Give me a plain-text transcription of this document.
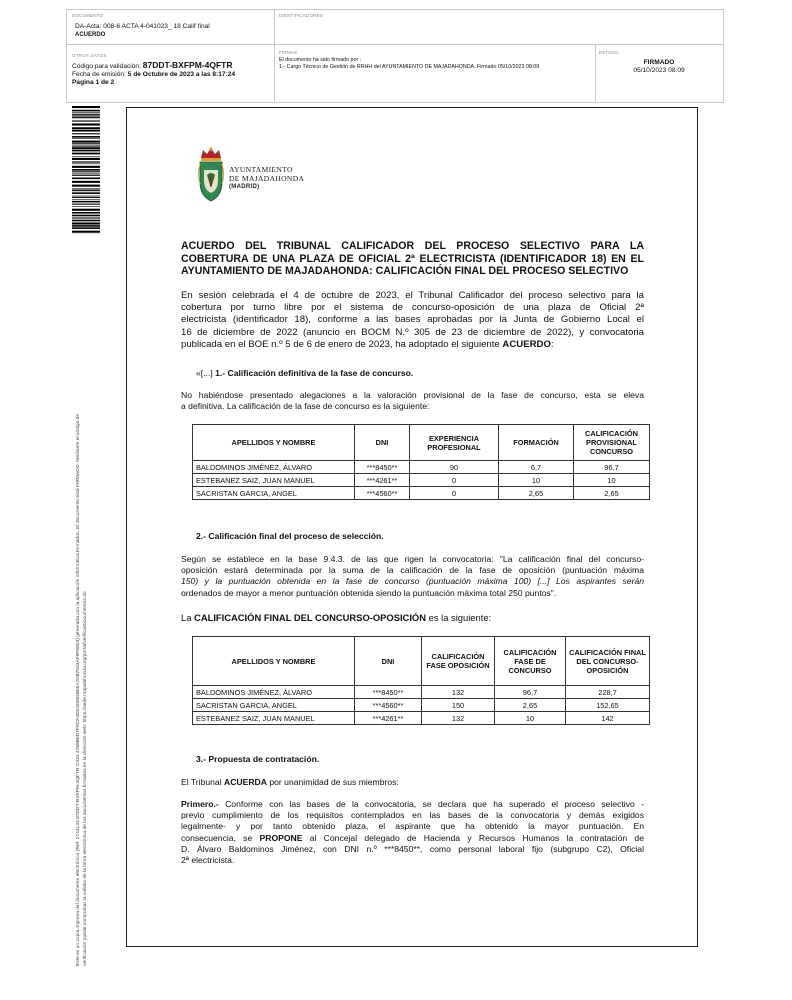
DOCUMENTO
DA-Acta: 008-6 ACTA 4-041023_ 18 Calif final
ACUERDO
IDENTIFICADORES
OTROS DATOS
Código para validación: 87DDT-BXFPM-4QFTR
Fecha de emisión: 5 de Octubre de 2023 a las 8:17:24
Página 1 de 2
FIRMAS
El documento ha sido firmado por :
1.- Cargo Técnico de Gestión de RRHH del AYUNTAMIENTO DE MAJADAHONDA. Firmado 05/10/2023 08:09
ESTADO
FIRMADO
05/10/2023 08:09
Este es un copia impresa del documento electrónico (Ref: 2744133 87DDT-BXFPM-4QFTR C434 4789B6D7F9CF4D54506D6E6A7D87043AF9F6903) generada con la aplicación informática Firmadoc. El documento está FIRMADO. Mediante el código de verificación puede comprobar la validez de la firma electrónica de los documentos firmados en la dirección web: https://sede.majadahonda.org/portal/verificarDocumentos.do
AYUNTAMIENTO
DE MAJADAHONDA
(MADRID)
ACUERDO DEL TRIBUNAL CALIFICADOR DEL PROCESO SELECTIVO PARA LA
COBERTURA DE UNA PLAZA DE OFICIAL 2ª ELECTRICISTA (IDENTIFICADOR 18) EN EL
AYUNTAMIENTO DE MAJADAHONDA: CALIFICACIÓN FINAL DEL PROCESO SELECTIVO
En sesión celebrada el 4 de octubre de 2023, el Tribunal Calificador del proceso selectivo para la
cobertura por turno libre por el sistema de concurso-oposición de una plaza de Oficial 2ª
electricista (identificador 18), conforme a las bases aprobadas por la Junta de Gobierno Local el
16 de diciembre de 2022 (anuncio en BOCM N.º 305 de 23 de diciembre de 2022), y convocatoria
publicada en el BOE n.º 5 de 6 de enero de 2023, ha adoptado el siguiente ACUERDO:
«[...] 1.- Calificación definitiva de la fase de concurso.
No habiéndose presentado alegaciones a la valoración provisional de la fase de concurso, esta se eleva
a definitiva. La calificación de la fase de concurso es la siguiente:
APELLIDOS Y NOMBRE	DNI	EXPERIENCIA PROFESIONAL	FORMACIÓN	CALIFICACIÓN PROVISIONAL CONCURSO
BALDOMINOS JIMÉNEZ, ÁLVARO	***8450**	90	6,7	96,7
ESTEBANEZ SAIZ, JUAN MANUEL	***4261**	0	10	10
SACRISTAN GARCIA, ANGEL	***4560**	0	2,65	2,65
2.- Calificación final del proceso de selección.
Según se establece en la base 9.4.3. de las que rigen la convocatoria: "La calificación final del concurso-
oposición estará determinada por la suma de la calificación de la fase de oposición (puntuación máxima
150) y la puntuación obtenida en la fase de concurso (puntuación máxima 100) [...] Los aspirantes serán
ordenados de mayor a menor puntuación obtenida siendo la puntuación máxima total 250 puntos".
La CALIFICACIÓN FINAL DEL CONCURSO-OPOSICIÓN es la siguiente:
APELLIDOS Y NOMBRE	DNI	CALIFICACIÓN FASE OPOSICIÓN	CALIFICACIÓN FASE DE CONCURSO	CALIFICACIÓN FINAL DEL CONCURSO-OPOSICIÓN
BALDOMINOS JIMÉNEZ, ÁLVARO	***8450**	132	96,7	228,7
SACRISTAN GARCIA, ANGEL	***4560**	150	2,65	152,65
ESTEBANEZ SAIZ, JUAN MANUEL	***4261**	132	10	142
3.- Propuesta de contratación.
El Tribunal ACUERDA por unanimidad de sus miembros:
Primero.- Conforme con las bases de la convocatoria, se declara que ha superado el proceso selectivo -
previo cumplimiento de los requisitos contemplados en las bases de la convocatoria y demás exigidos
legalmente- y por tanto obtenido plaza, el aspirante que ha obtenido la mayor puntuación. En
consecuencia, se PROPONE al Concejal delegado de Hacienda y Recursos Humanos la contratación de
D. Álvaro Baldominos Jiménez, con DNI n.º ***8450**, como personal laboral fijo (subgrupo C2), Oficial
2ª electricista.
